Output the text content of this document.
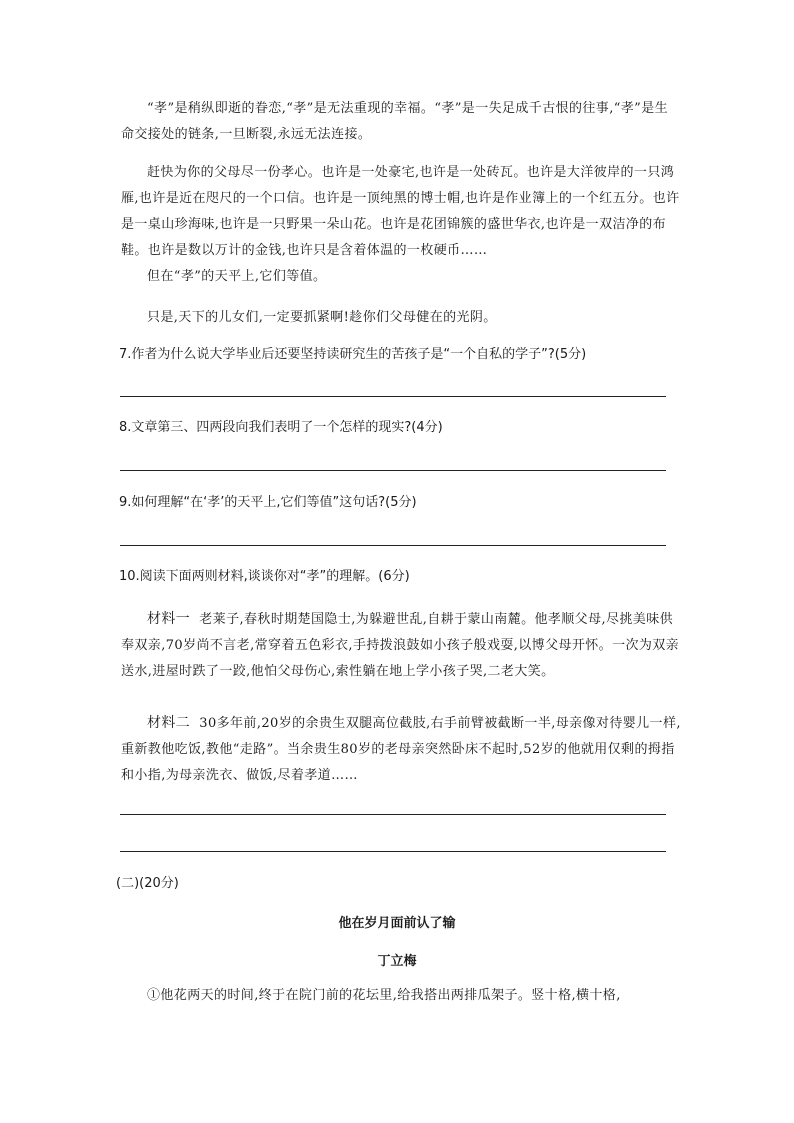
“孝”是稍纵即逝的眷恋,“孝”是无法重现的幸福。“孝”是一失足成千古恨的往事,“孝”是生命交接处的链条,一旦断裂,永远无法连接。

赶快为你的父母尽一份孝心。也许是一处豪宅,也许是一处砖瓦。也许是大洋彼岸的一只鸿雁,也许是近在咫尺的一个口信。也许是一顶纯黑的博士帽,也许是作业簿上的一个红五分。也许是一桌山珍海味,也许是一只野果一朵山花。也许是花团锦簇的盛世华衣,也许是一双洁净的布鞋。也许是数以万计的金钱,也许只是含着体温的一枚硬币……

但在“孝”的天平上,它们等值。

只是,天下的儿女们,一定要抓紧啊!趁你们父母健在的光阴。

7.作者为什么说大学毕业后还要坚持读研究生的苦孩子是“一个自私的学子”?(5分)

8.文章第三、四两段向我们表明了一个怎样的现实?(4分)

9.如何理解“在‘孝’的天平上,它们等值”这句话?(5分)

10.阅读下面两则材料,谈谈你对“孝”的理解。(6分)

材料一 老莱子,春秋时期楚国隐士,为躲避世乱,自耕于蒙山南麓。他孝顺父母,尽挑美味供奉双亲,70岁尚不言老,常穿着五色彩衣,手持拨浪鼓如小孩子般戏耍,以博父母开怀。一次为双亲送水,进屋时跌了一跤,他怕父母伤心,索性躺在地上学小孩子哭,二老大笑。

材料二 30多年前,20岁的余贵生双腿高位截肢,右手前臂被截断一半,母亲像对待婴儿一样,重新教他吃饭,教他“走路”。当余贵生80岁的老母亲突然卧床不起时,52岁的他就用仅剩的拇指和小指,为母亲洗衣、做饭,尽着孝道……

(二)(20分)

他在岁月面前认了输

丁立梅

①他花两天的时间,终于在院门前的花坛里,给我搭出两排瓜架子。竖十格,横十格,
